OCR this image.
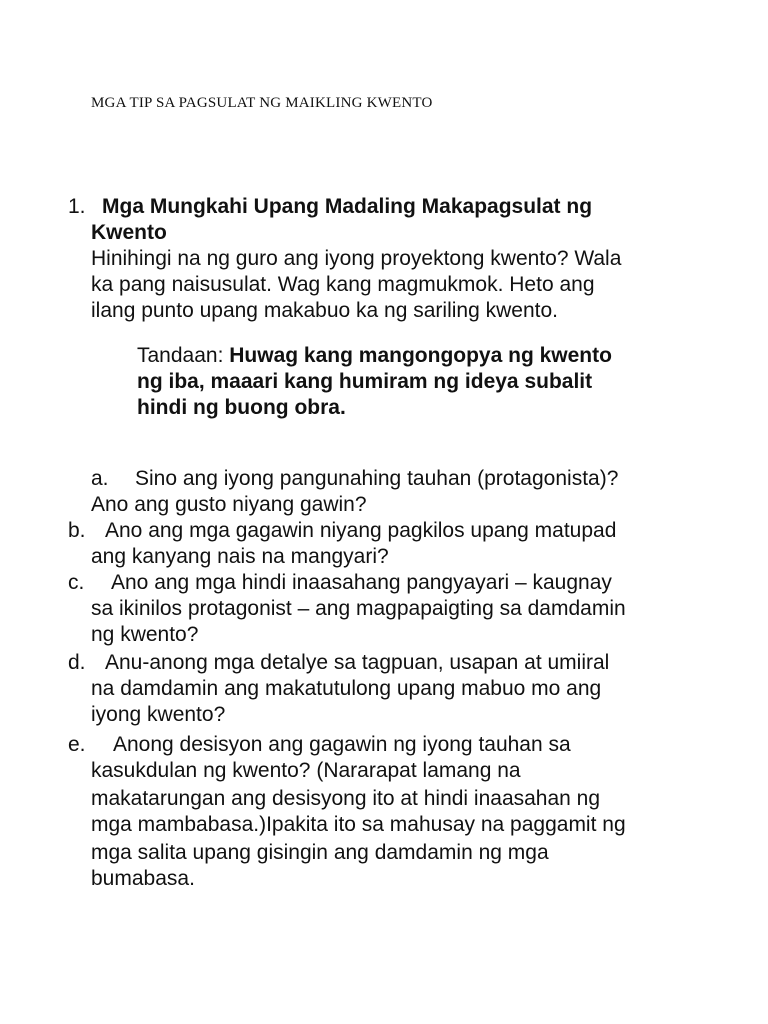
MGA TIP SA PAGSULAT NG MAIKLING KWENTO
1. Mga Mungkahi Upang Madaling Makapagsulat ng
Kwento
Hinihingi na ng guro ang iyong proyektong kwento? Wala
ka pang naisusulat. Wag kang magmukmok. Heto ang
ilang punto upang makabuo ka ng sariling kwento.
Tandaan: Huwag kang mangongopya ng kwento
ng iba, maaari kang humiram ng ideya subalit
hindi ng buong obra.
a. Sino ang iyong pangunahing tauhan (protagonista)?
Ano ang gusto niyang gawin?
b. Ano ang mga gagawin niyang pagkilos upang matupad
ang kanyang nais na mangyari?
c. Ano ang mga hindi inaasahang pangyayari – kaugnay
sa ikinilos protagonist – ang magpapaigting sa damdamin
ng kwento?
d. Anu-anong mga detalye sa tagpuan, usapan at umiiral
na damdamin ang makatutulong upang mabuo mo ang
iyong kwento?
e. Anong desisyon ang gagawin ng iyong tauhan sa
kasukdulan ng kwento? (Nararapat lamang na
makatarungan ang desisyong ito at hindi inaasahan ng
mga mambabasa.)Ipakita ito sa mahusay na paggamit ng
mga salita upang gisingin ang damdamin ng mga
bumabasa.
